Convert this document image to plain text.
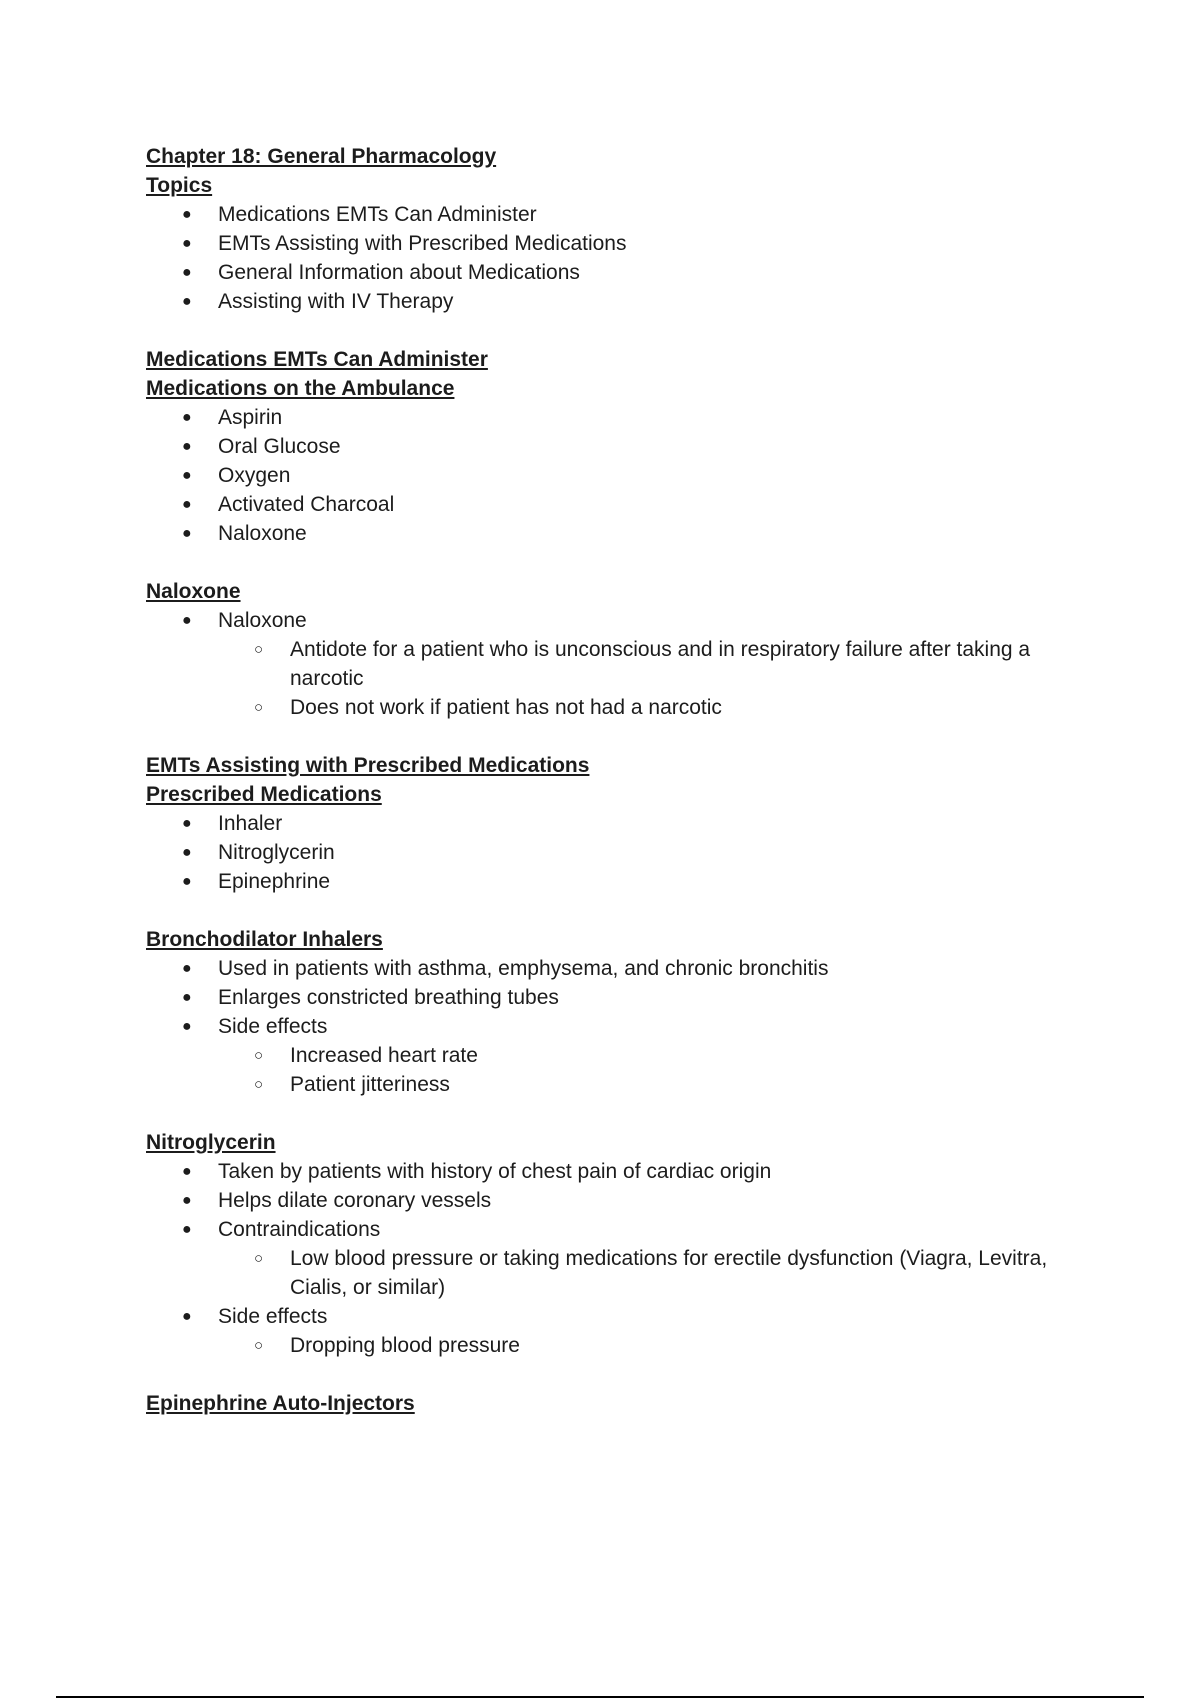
Chapter 18: General Pharmacology
Topics
● Medications EMTs Can Administer
● EMTs Assisting with Prescribed Medications
● General Information about Medications
● Assisting with IV Therapy
Medications EMTs Can Administer
Medications on the Ambulance
● Aspirin
● Oral Glucose
● Oxygen
● Activated Charcoal
● Naloxone
Naloxone
● Naloxone
○ Antidote for a patient who is unconscious and in respiratory failure after taking a narcotic
○ Does not work if patient has not had a narcotic
EMTs Assisting with Prescribed Medications
Prescribed Medications
● Inhaler
● Nitroglycerin
● Epinephrine
Bronchodilator Inhalers
● Used in patients with asthma, emphysema, and chronic bronchitis
● Enlarges constricted breathing tubes
● Side effects
○ Increased heart rate
○ Patient jitteriness
Nitroglycerin
● Taken by patients with history of chest pain of cardiac origin
● Helps dilate coronary vessels
● Contraindications
○ Low blood pressure or taking medications for erectile dysfunction (Viagra, Levitra, Cialis, or similar)
● Side effects
○ Dropping blood pressure
Epinephrine Auto-Injectors
